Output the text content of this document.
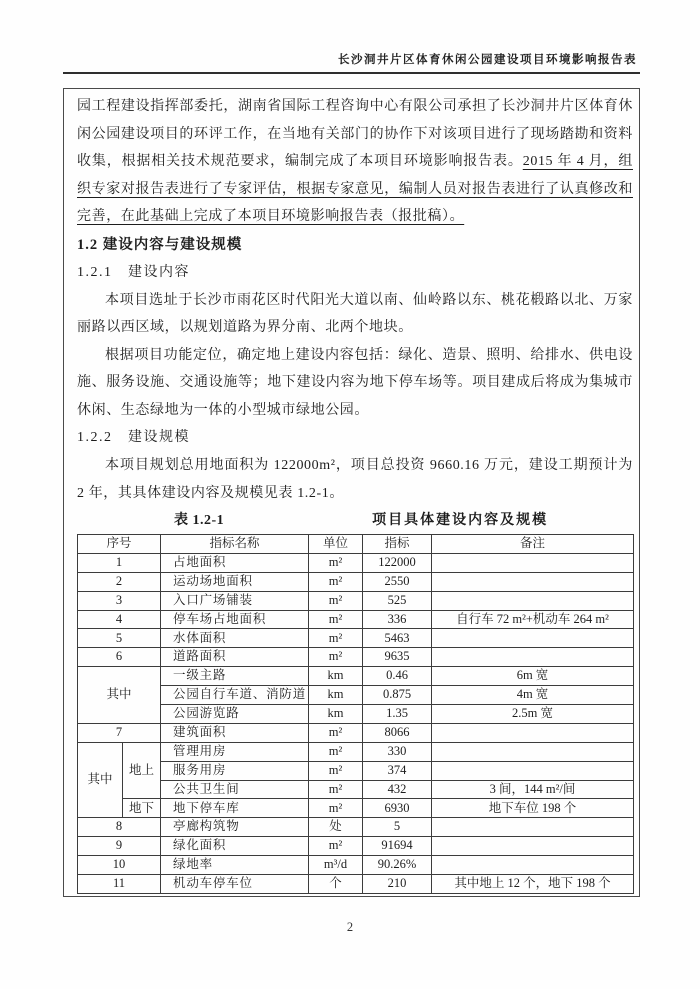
长沙洞井片区体育休闲公园建设项目环境影响报告表

园工程建设指挥部委托，湖南省国际工程咨询中心有限公司承担了长沙洞井片区体育休闲公园建设项目的环评工作，在当地有关部门的协作下对该项目进行了现场踏勘和资料收集，根据相关技术规范要求，编制完成了本项目环境影响报告表。2015 年 4 月，组织专家对报告表进行了专家评估，根据专家意见，编制人员对报告表进行了认真修改和完善，在此基础上完成了本项目环境影响报告表（报批稿）。

1.2 建设内容与建设规模
1.2.1　建设内容

本项目选址于长沙市雨花区时代阳光大道以南、仙岭路以东、桃花椴路以北、万家丽路以西区域，以规划道路为界分南、北两个地块。

根据项目功能定位，确定地上建设内容包括：绿化、造景、照明、给排水、供电设施、服务设施、交通设施等；地下建设内容为地下停车场等。项目建成后将成为集城市休闲、生态绿地为一体的小型城市绿地公园。

1.2.2　建设规模

本项目规划总用地面积为 122000m²，项目总投资 9660.16 万元，建设工期预计为 2 年，其具体建设内容及规模见表 1.2-1。

表 1.2-1	项目具体建设内容及规模
序号		指标名称	单位	指标	备注
1		占地面积	m²	122000	
2		运动场地面积	m²	2550	
3		入口广场铺装	m²	525	
4		停车场占地面积	m²	336	自行车 72 m²+机动车 264 m²
5		水体面积	m²	5463	
6		道路面积	m²	9635	
其中		一级主路	km	0.46	6m 宽
		公园自行车道、消防道	km	0.875	4m 宽
		公园游览路	km	1.35	2.5m 宽
7		建筑面积	m²	8066	
其中	地上	管理用房	m²	330	
		服务用房	m²	374	
		公共卫生间	m²	432	3 间，144 m²/间
	地下	地下停车库	m²	6930	地下车位 198 个
8		亭廊构筑物	处	5	
9		绿化面积	m²	91694	
10		绿地率	m³/d	90.26%	
11		机动车停车位	个	210	其中地上 12 个，地下 198 个
2
